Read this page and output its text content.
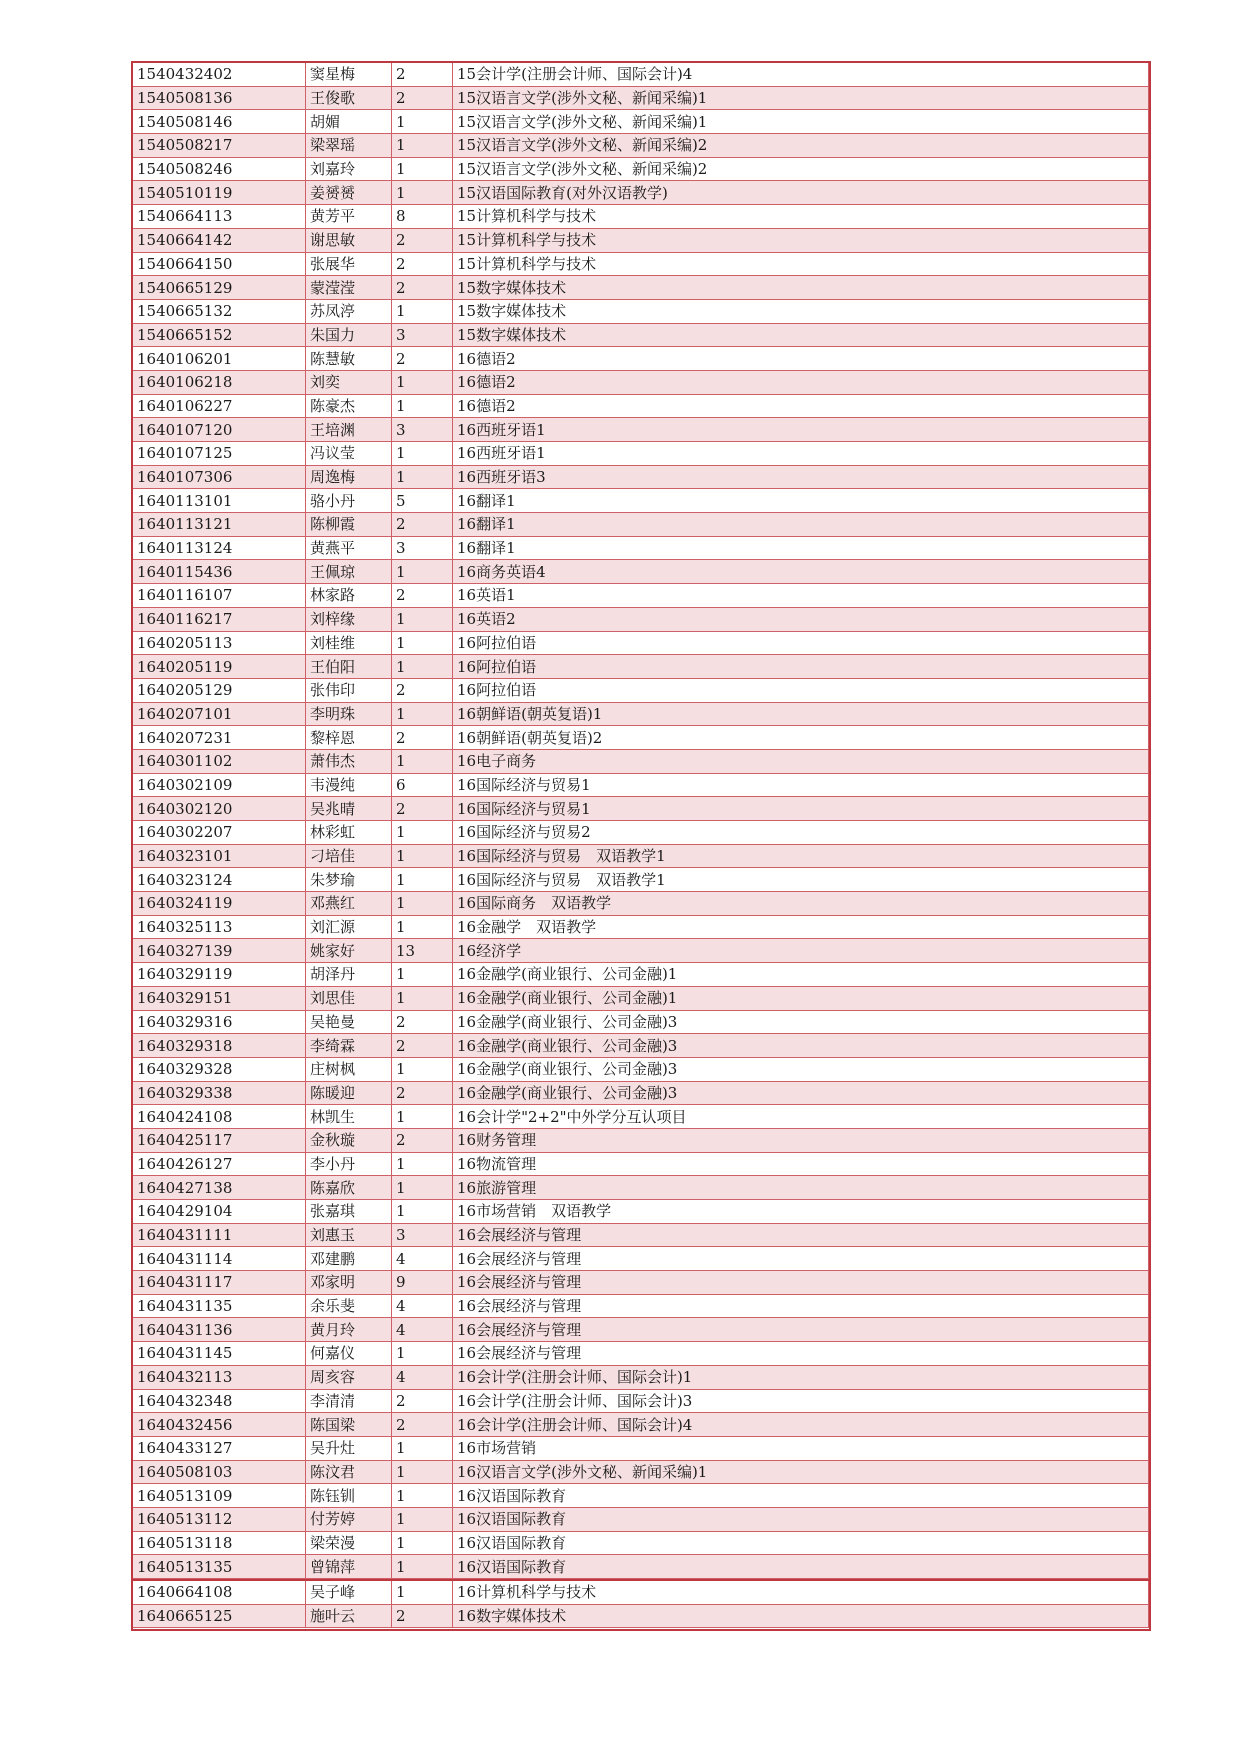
1540432402	窦星梅	2	15会计学(注册会计师、国际会计)4
1540508136	王俊歌	2	15汉语言文学(涉外文秘、新闻采编)1
1540508146	胡媚	1	15汉语言文学(涉外文秘、新闻采编)1
1540508217	梁翠瑶	1	15汉语言文学(涉外文秘、新闻采编)2
1540508246	刘嘉玲	1	15汉语言文学(涉外文秘、新闻采编)2
1540510119	姜赟赟	1	15汉语国际教育(对外汉语教学)
1540664113	黄芳平	8	15计算机科学与技术
1540664142	谢思敏	2	15计算机科学与技术
1540664150	张展华	2	15计算机科学与技术
1540665129	蒙滢滢	2	15数字媒体技术
1540665132	苏凤渟	1	15数字媒体技术
1540665152	朱国力	3	15数字媒体技术
1640106201	陈慧敏	2	16德语2
1640106218	刘奕	1	16德语2
1640106227	陈豪杰	1	16德语2
1640107120	王培渊	3	16西班牙语1
1640107125	冯议莹	1	16西班牙语1
1640107306	周逸梅	1	16西班牙语3
1640113101	骆小丹	5	16翻译1
1640113121	陈柳霞	2	16翻译1
1640113124	黄燕平	3	16翻译1
1640115436	王佩琼	1	16商务英语4
1640116107	林家路	2	16英语1
1640116217	刘梓缘	1	16英语2
1640205113	刘桂维	1	16阿拉伯语
1640205119	王伯阳	1	16阿拉伯语
1640205129	张伟印	2	16阿拉伯语
1640207101	李明珠	1	16朝鲜语(朝英复语)1
1640207231	黎梓恩	2	16朝鲜语(朝英复语)2
1640301102	萧伟杰	1	16电子商务
1640302109	韦漫纯	6	16国际经济与贸易1
1640302120	吴兆晴	2	16国际经济与贸易1
1640302207	林彩虹	1	16国际经济与贸易2
1640323101	刁培佳	1	16国际经济与贸易　双语教学1
1640323124	朱梦瑜	1	16国际经济与贸易　双语教学1
1640324119	邓燕红	1	16国际商务　双语教学
1640325113	刘汇源	1	16金融学　双语教学
1640327139	姚家好	13	16经济学
1640329119	胡泽丹	1	16金融学(商业银行、公司金融)1
1640329151	刘思佳	1	16金融学(商业银行、公司金融)1
1640329316	吴艳曼	2	16金融学(商业银行、公司金融)3
1640329318	李绮霖	2	16金融学(商业银行、公司金融)3
1640329328	庄树枫	1	16金融学(商业银行、公司金融)3
1640329338	陈暖迎	2	16金融学(商业银行、公司金融)3
1640424108	林凯生	1	16会计学"2+2"中外学分互认项目
1640425117	金秋璇	2	16财务管理
1640426127	李小丹	1	16物流管理
1640427138	陈嘉欣	1	16旅游管理
1640429104	张嘉琪	1	16市场营销　双语教学
1640431111	刘惠玉	3	16会展经济与管理
1640431114	邓建鹏	4	16会展经济与管理
1640431117	邓家明	9	16会展经济与管理
1640431135	余乐斐	4	16会展经济与管理
1640431136	黄月玲	4	16会展经济与管理
1640431145	何嘉仪	1	16会展经济与管理
1640432113	周亥容	4	16会计学(注册会计师、国际会计)1
1640432348	李清清	2	16会计学(注册会计师、国际会计)3
1640432456	陈国梁	2	16会计学(注册会计师、国际会计)4
1640433127	吴升灶	1	16市场营销
1640508103	陈汶君	1	16汉语言文学(涉外文秘、新闻采编)1
1640513109	陈钰钏	1	16汉语国际教育
1640513112	付芳婷	1	16汉语国际教育
1640513118	梁荣漫	1	16汉语国际教育
1640513135	曾锦萍	1	16汉语国际教育
1640664108	吴子峰	1	16计算机科学与技术
1640665125	施叶云	2	16数字媒体技术
